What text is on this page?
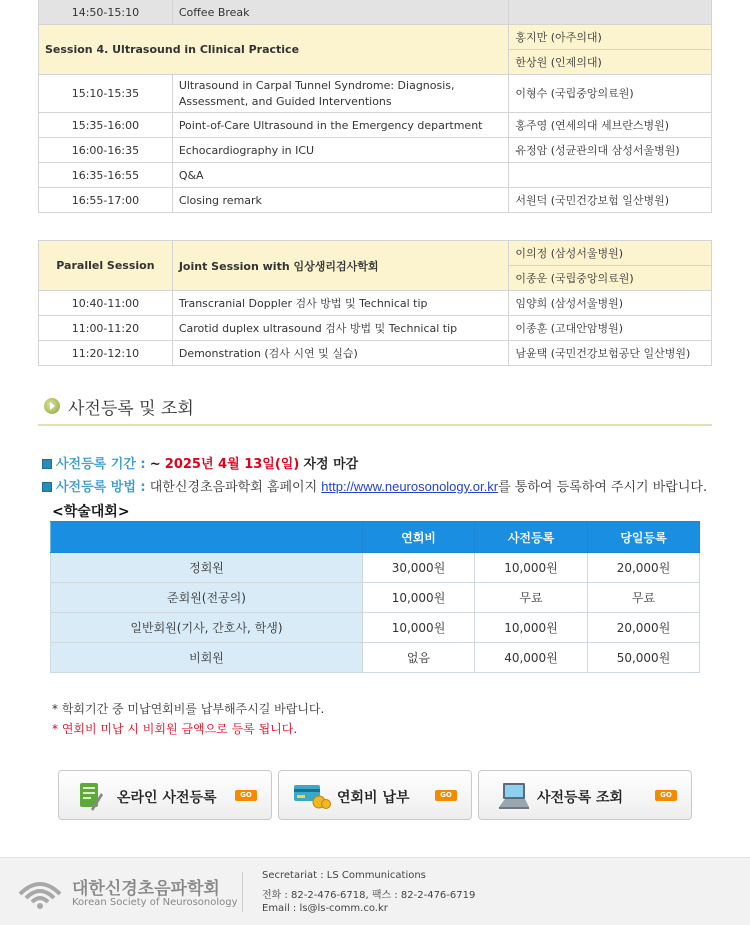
14:50-15:10	Coffee Break	
Session 4. Ultrasound in Clinical Practice		홍지만 (아주의대)
		한상원 (인제의대)
15:10-15:35	Ultrasound in Carpal Tunnel Syndrome: Diagnosis, Assessment, and Guided Interventions	이형수 (국립중앙의료원)
15:35-16:00	Point-of-Care Ultrasound in the Emergency department	홍주영 (연세의대 세브란스병원)
16:00-16:35	Echocardiography in ICU	유정암 (성균관의대 삼성서울병원)
16:35-16:55	Q&A	
16:55-17:00	Closing remark	서원덕 (국민건강보험 일산병원)
Parallel Session	Joint Session with 임상생리검사학회	이의정 (삼성서울병원)
		이종운 (국립중앙의료원)
10:40-11:00	Transcranial Doppler 검사 방법 및 Technical tip	임양희 (삼성서울병원)
11:00-11:20	Carotid duplex ultrasound 검사 방법 및 Technical tip	이종훈 (고대안암병원)
11:20-12:10	Demonstration (검사 시연 및 실습)	남윤택 (국민건강보험공단 일산병원)
사전등록 및 조회
사전등록 기간 : ~ 2025년 4월 13일(일) 자정 마감
사전등록 방법 : 대한신경초음파학회 홈페이지 http://www.neurosonology.or.kr를 통하여 등록하여 주시기 바랍니다.
<학술대회>
	연회비	사전등록	당일등록
정회원	30,000원	10,000원	20,000원
준회원(전공의)	10,000원	무료	무료
일반회원(기사, 간호사, 학생)	10,000원	10,000원	20,000원
비회원	없음	40,000원	50,000원
* 학회기간 중 미납연회비를 납부해주시길 바랍니다.
* 연회비 미납 시 비회원 금액으로 등록 됩니다.
온라인 사전등록	GO	연회비 납부	GO	사전등록 조회	GO
대한신경초음파학회
Korean Society of Neurosonology
Secretariat : LS Communications
전화 : 82-2-476-6718, 팩스 : 82-2-476-6719
Email : ls@ls-comm.co.kr
